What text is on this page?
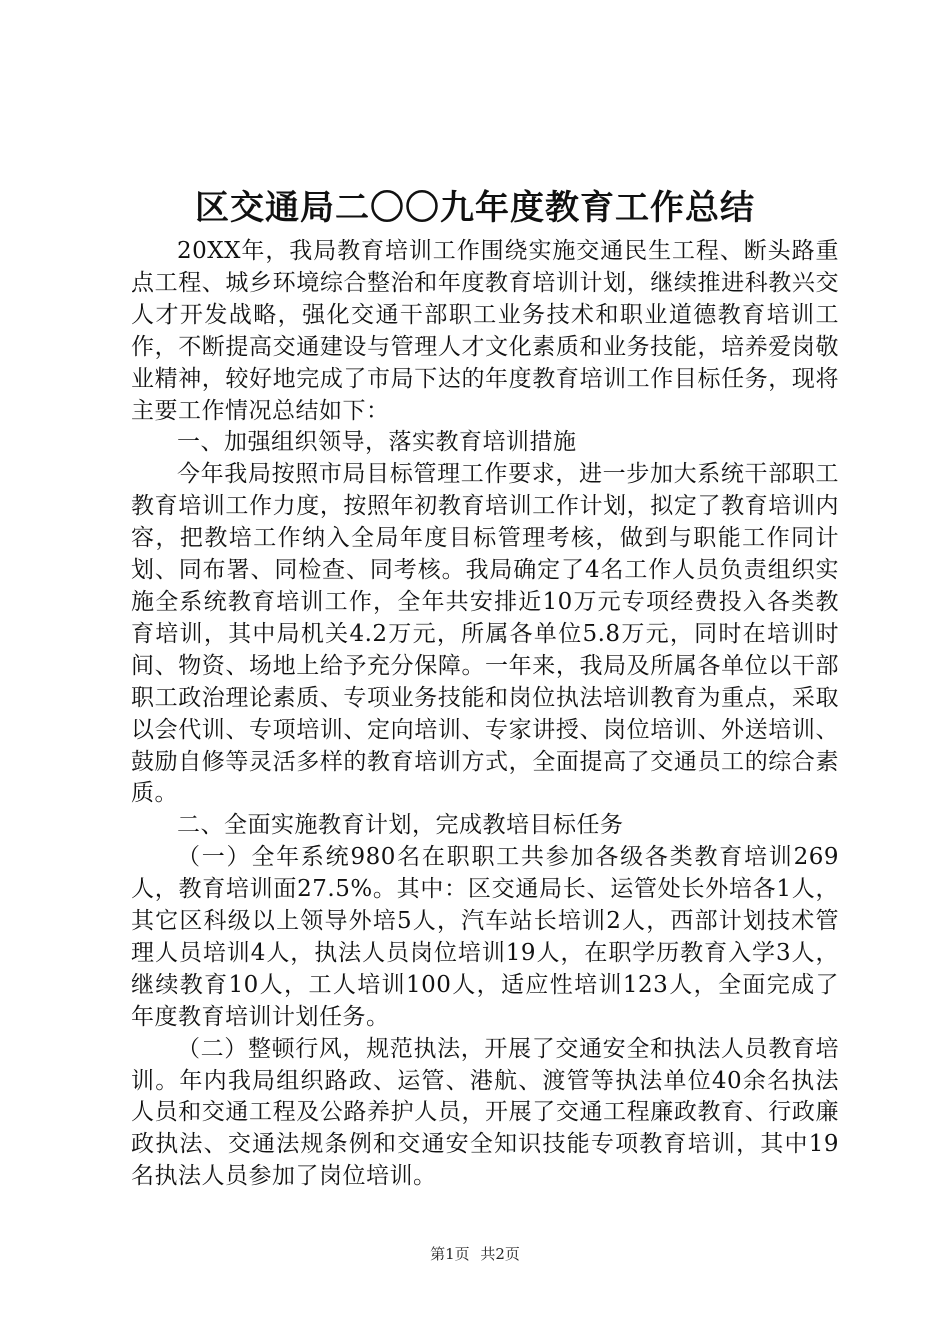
区交通局二〇〇九年度教育工作总结

20XX年，我局教育培训工作围绕实施交通民生工程、断头路重点工程、城乡环境综合整治和年度教育培训计划，继续推进科教兴交人才开发战略，强化交通干部职工业务技术和职业道德教育培训工作，不断提高交通建设与管理人才文化素质和业务技能，培养爱岗敬业精神，较好地完成了市局下达的年度教育培训工作目标任务，现将主要工作情况总结如下：

一、加强组织领导，落实教育培训措施

今年我局按照市局目标管理工作要求，进一步加大系统干部职工教育培训工作力度，按照年初教育培训工作计划，拟定了教育培训内容，把教培工作纳入全局年度目标管理考核，做到与职能工作同计划、同布署、同检查、同考核。我局确定了4名工作人员负责组织实施全系统教育培训工作，全年共安排近10万元专项经费投入各类教育培训，其中局机关4.2万元，所属各单位5.8万元，同时在培训时间、物资、场地上给予充分保障。一年来，我局及所属各单位以干部职工政治理论素质、专项业务技能和岗位执法培训教育为重点，采取以会代训、专项培训、定向培训、专家讲授、岗位培训、外送培训、鼓励自修等灵活多样的教育培训方式，全面提高了交通员工的综合素质。

二、全面实施教育计划，完成教培目标任务

（一）全年系统980名在职职工共参加各级各类教育培训269人，教育培训面27.5%。其中：区交通局长、运管处长外培各1人，其它区科级以上领导外培5人，汽车站长培训2人，西部计划技术管理人员培训4人，执法人员岗位培训19人，在职学历教育入学3人，继续教育10人，工人培训100人，适应性培训123人，全面完成了年度教育培训计划任务。

（二）整顿行风，规范执法，开展了交通安全和执法人员教育培训。年内我局组织路政、运管、港航、渡管等执法单位40余名执法人员和交通工程及公路养护人员，开展了交通工程廉政教育、行政廉政执法、交通法规条例和交通安全知识技能专项教育培训，其中19名执法人员参加了岗位培训。

第1页 共2页
